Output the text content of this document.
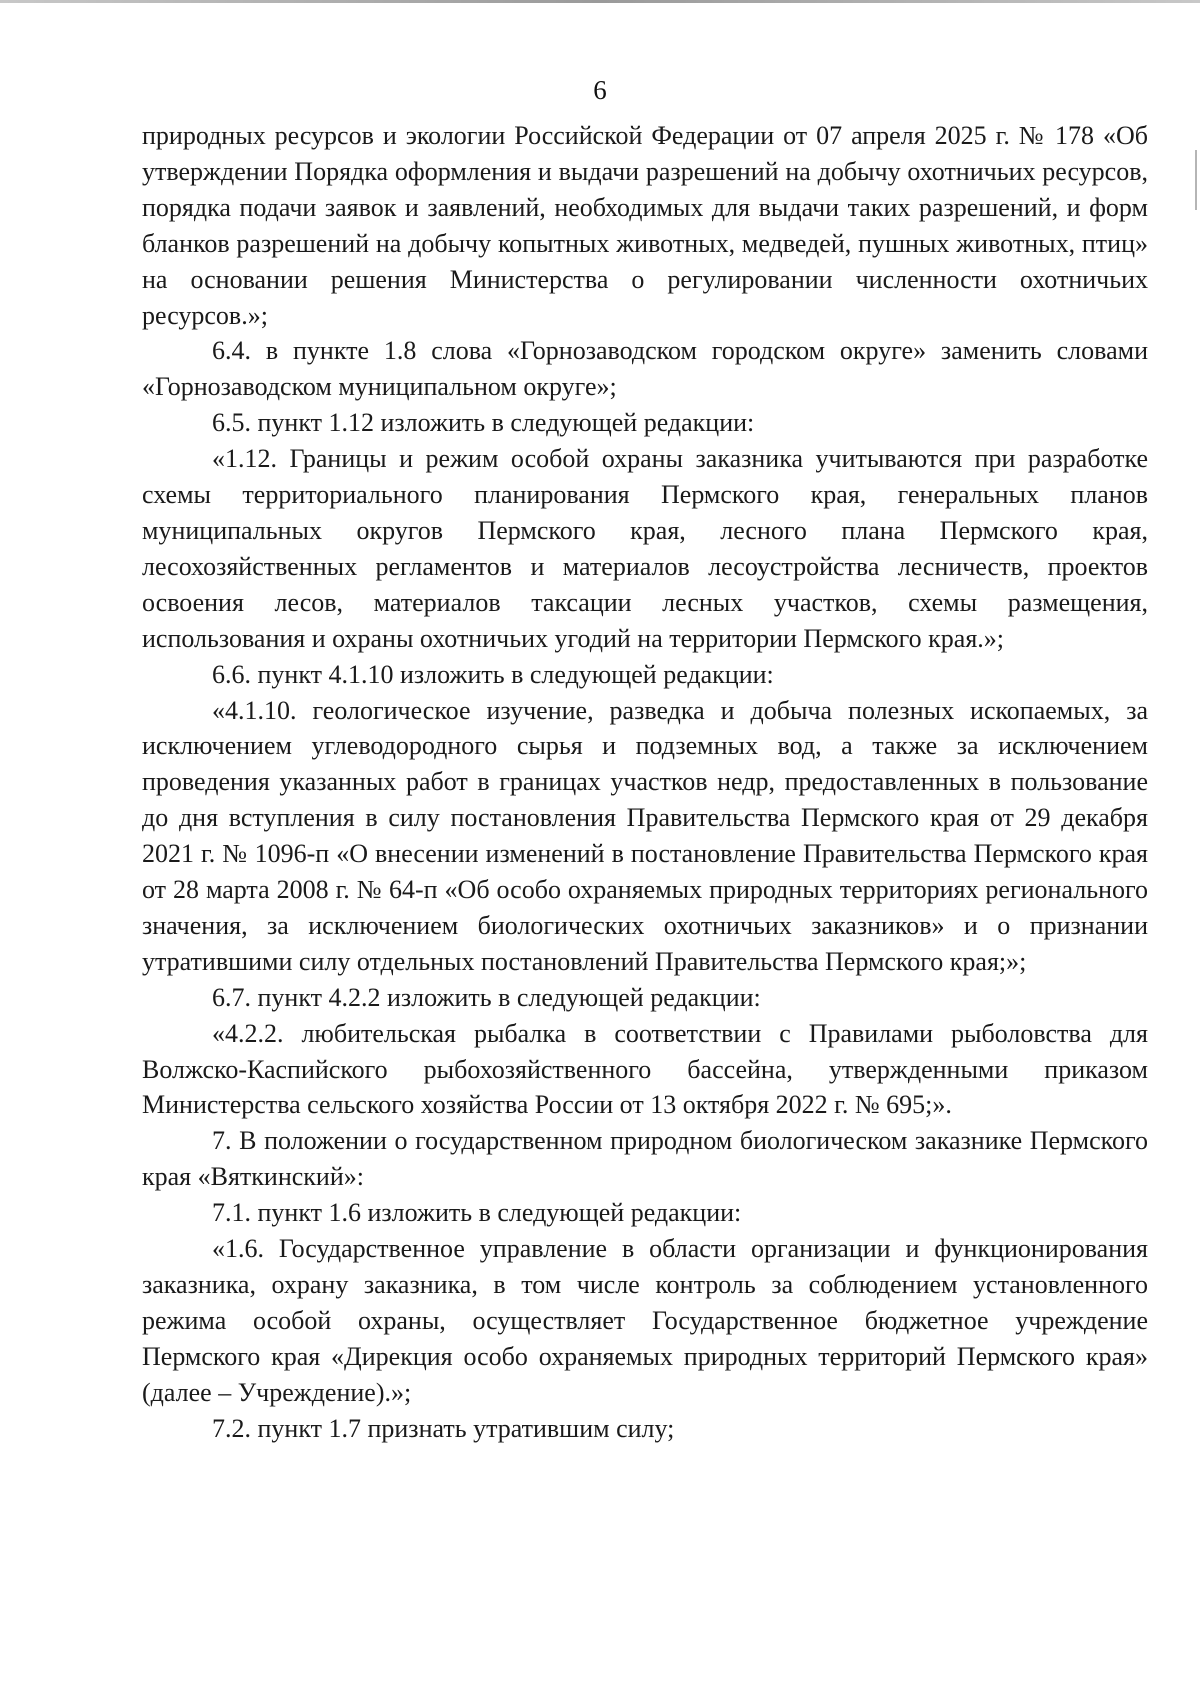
6

природных ресурсов и экологии Российской Федерации от 07 апреля 2025 г. № 178 «Об утверждении Порядка оформления и выдачи разрешений на добычу охотничьих ресурсов, порядка подачи заявок и заявлений, необходимых для выдачи таких разрешений, и форм бланков разрешений на добычу копытных животных, медведей, пушных животных, птиц» на основании решения Министерства о регулировании численности охотничьих ресурсов.»;

6.4. в пункте 1.8 слова «Горнозаводском городском округе» заменить словами «Горнозаводском муниципальном округе»;

6.5. пункт 1.12 изложить в следующей редакции:

«1.12. Границы и режим особой охраны заказника учитываются при разработке схемы территориального планирования Пермского края, генеральных планов муниципальных округов Пермского края, лесного плана Пермского края, лесохозяйственных регламентов и материалов лесоустройства лесничеств, проектов освоения лесов, материалов таксации лесных участков, схемы размещения, использования и охраны охотничьих угодий на территории Пермского края.»;

6.6. пункт 4.1.10 изложить в следующей редакции:

«4.1.10. геологическое изучение, разведка и добыча полезных ископаемых, за исключением углеводородного сырья и подземных вод, а также за исключением проведения указанных работ в границах участков недр, предоставленных в пользование до дня вступления в силу постановления Правительства Пермского края от 29 декабря 2021 г. № 1096-п «О внесении изменений в постановление Правительства Пермского края от 28 марта 2008 г. № 64-п «Об особо охраняемых природных территориях регионального значения, за исключением биологических охотничьих заказников» и о признании утратившими силу отдельных постановлений Правительства Пермского края;»;

6.7. пункт 4.2.2 изложить в следующей редакции:

«4.2.2. любительская рыбалка в соответствии с Правилами рыболовства для Волжско-Каспийского рыбохозяйственного бассейна, утвержденными приказом Министерства сельского хозяйства России от 13 октября 2022 г. № 695;».

7. В положении о государственном природном биологическом заказнике Пермского края «Вяткинский»:

7.1. пункт 1.6 изложить в следующей редакции:

«1.6. Государственное управление в области организации и функционирования заказника, охрану заказника, в том числе контроль за соблюдением установленного режима особой охраны, осуществляет Государственное бюджетное учреждение Пермского края «Дирекция особо охраняемых природных территорий Пермского края» (далее – Учреждение).»;

7.2. пункт 1.7 признать утратившим силу;
